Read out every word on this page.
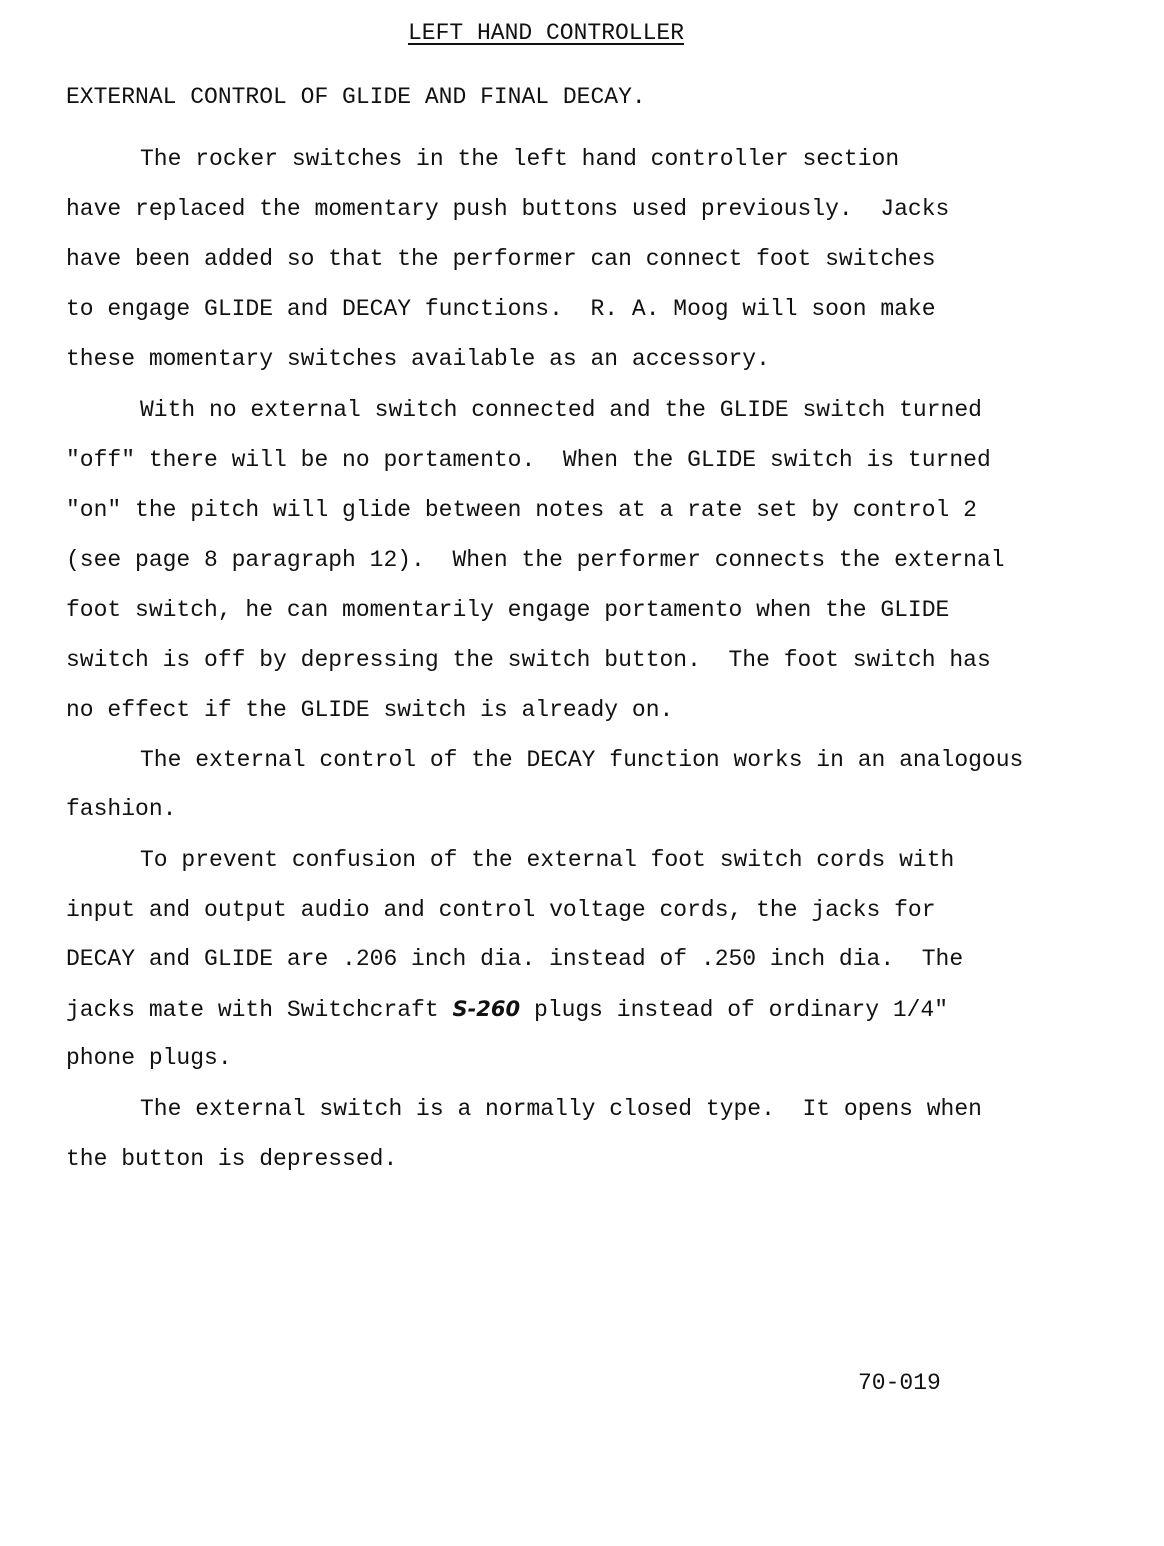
LEFT HAND CONTROLLER
EXTERNAL CONTROL OF GLIDE AND FINAL DECAY.
The rocker switches in the left hand controller section
have replaced the momentary push buttons used previously.  Jacks
have been added so that the performer can connect foot switches
to engage GLIDE and DECAY functions.  R. A. Moog will soon make
these momentary switches available as an accessory.
With no external switch connected and the GLIDE switch turned
"off" there will be no portamento.  When the GLIDE switch is turned
"on" the pitch will glide between notes at a rate set by control 2
(see page 8 paragraph 12).  When the performer connects the external
foot switch, he can momentarily engage portamento when the GLIDE
switch is off by depressing the switch button.  The foot switch has
no effect if the GLIDE switch is already on.
The external control of the DECAY function works in an analogous
fashion.
To prevent confusion of the external foot switch cords with
input and output audio and control voltage cords, the jacks for
DECAY and GLIDE are .206 inch dia. instead of .250 inch dia.  The
jacks mate with Switchcraft S-260 plugs instead of ordinary 1/4"
phone plugs.
The external switch is a normally closed type.  It opens when
the button is depressed.
70-019
